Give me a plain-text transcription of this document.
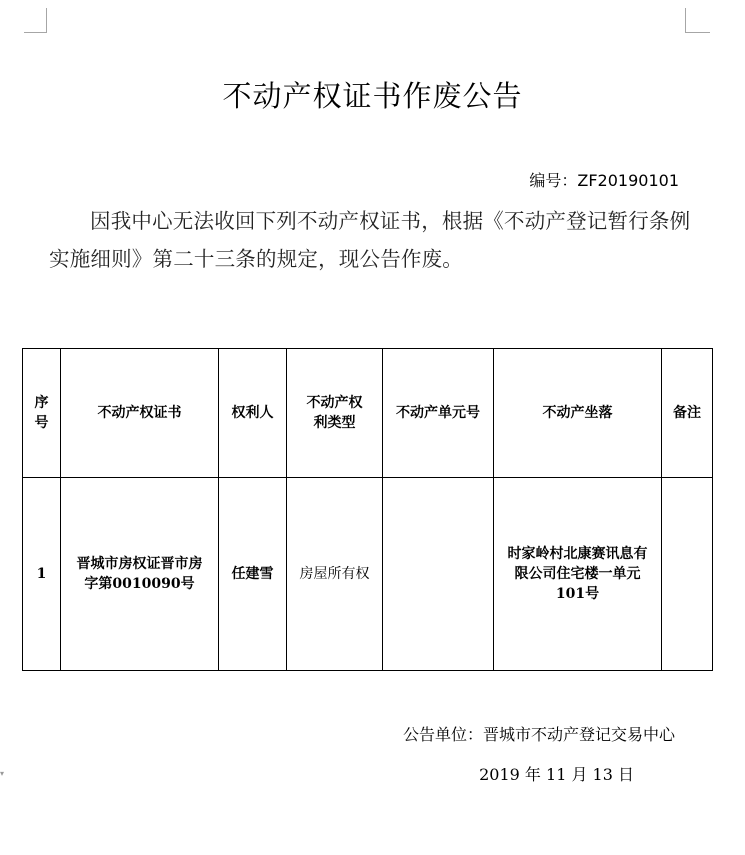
不动产权证书作废公告
编号：ZF20190101
因我中心无法收回下列不动产权证书，根据《不动产登记暂行条例实施细则》第二十三条的规定，现公告作废。
序号	不动产权证书	权利人	不动产权利类型	不动产单元号	不动产坐落	备注
1	晋城市房权证晋市房字第0010090号	任建雪	房屋所有权		时家岭村北康赛讯息有限公司住宅楼一单元101号	
公告单位：晋城市不动产登记交易中心
2019 年 11 月 13 日
▾
